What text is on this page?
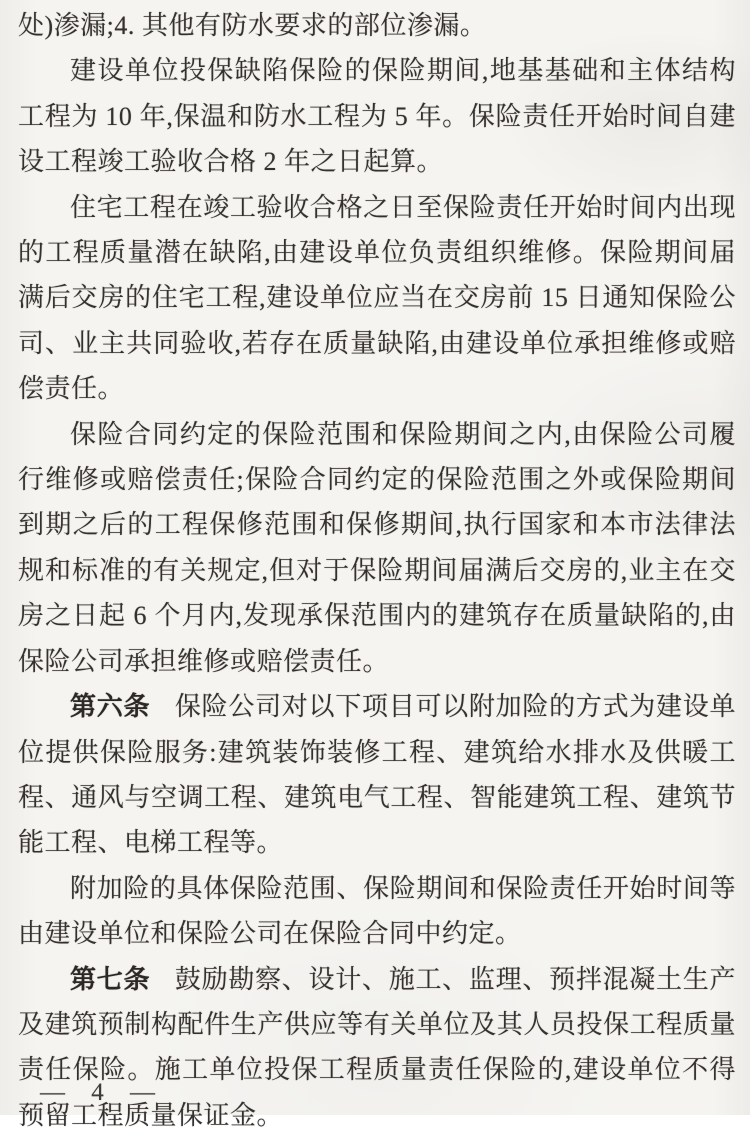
处)渗漏;4. 其他有防水要求的部位渗漏。

建设单位投保缺陷保险的保险期间,地基基础和主体结构工程为 10 年,保温和防水工程为 5 年。保险责任开始时间自建设工程竣工验收合格 2 年之日起算。

住宅工程在竣工验收合格之日至保险责任开始时间内出现的工程质量潜在缺陷,由建设单位负责组织维修。保险期间届满后交房的住宅工程,建设单位应当在交房前 15 日通知保险公司、业主共同验收,若存在质量缺陷,由建设单位承担维修或赔偿责任。

保险合同约定的保险范围和保险期间之内,由保险公司履行维修或赔偿责任;保险合同约定的保险范围之外或保险期间到期之后的工程保修范围和保修期间,执行国家和本市法律法规和标准的有关规定,但对于保险期间届满后交房的,业主在交房之日起 6 个月内,发现承保范围内的建筑存在质量缺陷的,由保险公司承担维修或赔偿责任。

第六条 保险公司对以下项目可以附加险的方式为建设单位提供保险服务:建筑装饰装修工程、建筑给水排水及供暖工程、通风与空调工程、建筑电气工程、智能建筑工程、建筑节能工程、电梯工程等。

附加险的具体保险范围、保险期间和保险责任开始时间等由建设单位和保险公司在保险合同中约定。

第七条 鼓励勘察、设计、施工、监理、预拌混凝土生产及建筑预制构配件生产供应等有关单位及其人员投保工程质量责任保险。施工单位投保工程质量责任保险的,建设单位不得预留工程质量保证金。

— 4 —
